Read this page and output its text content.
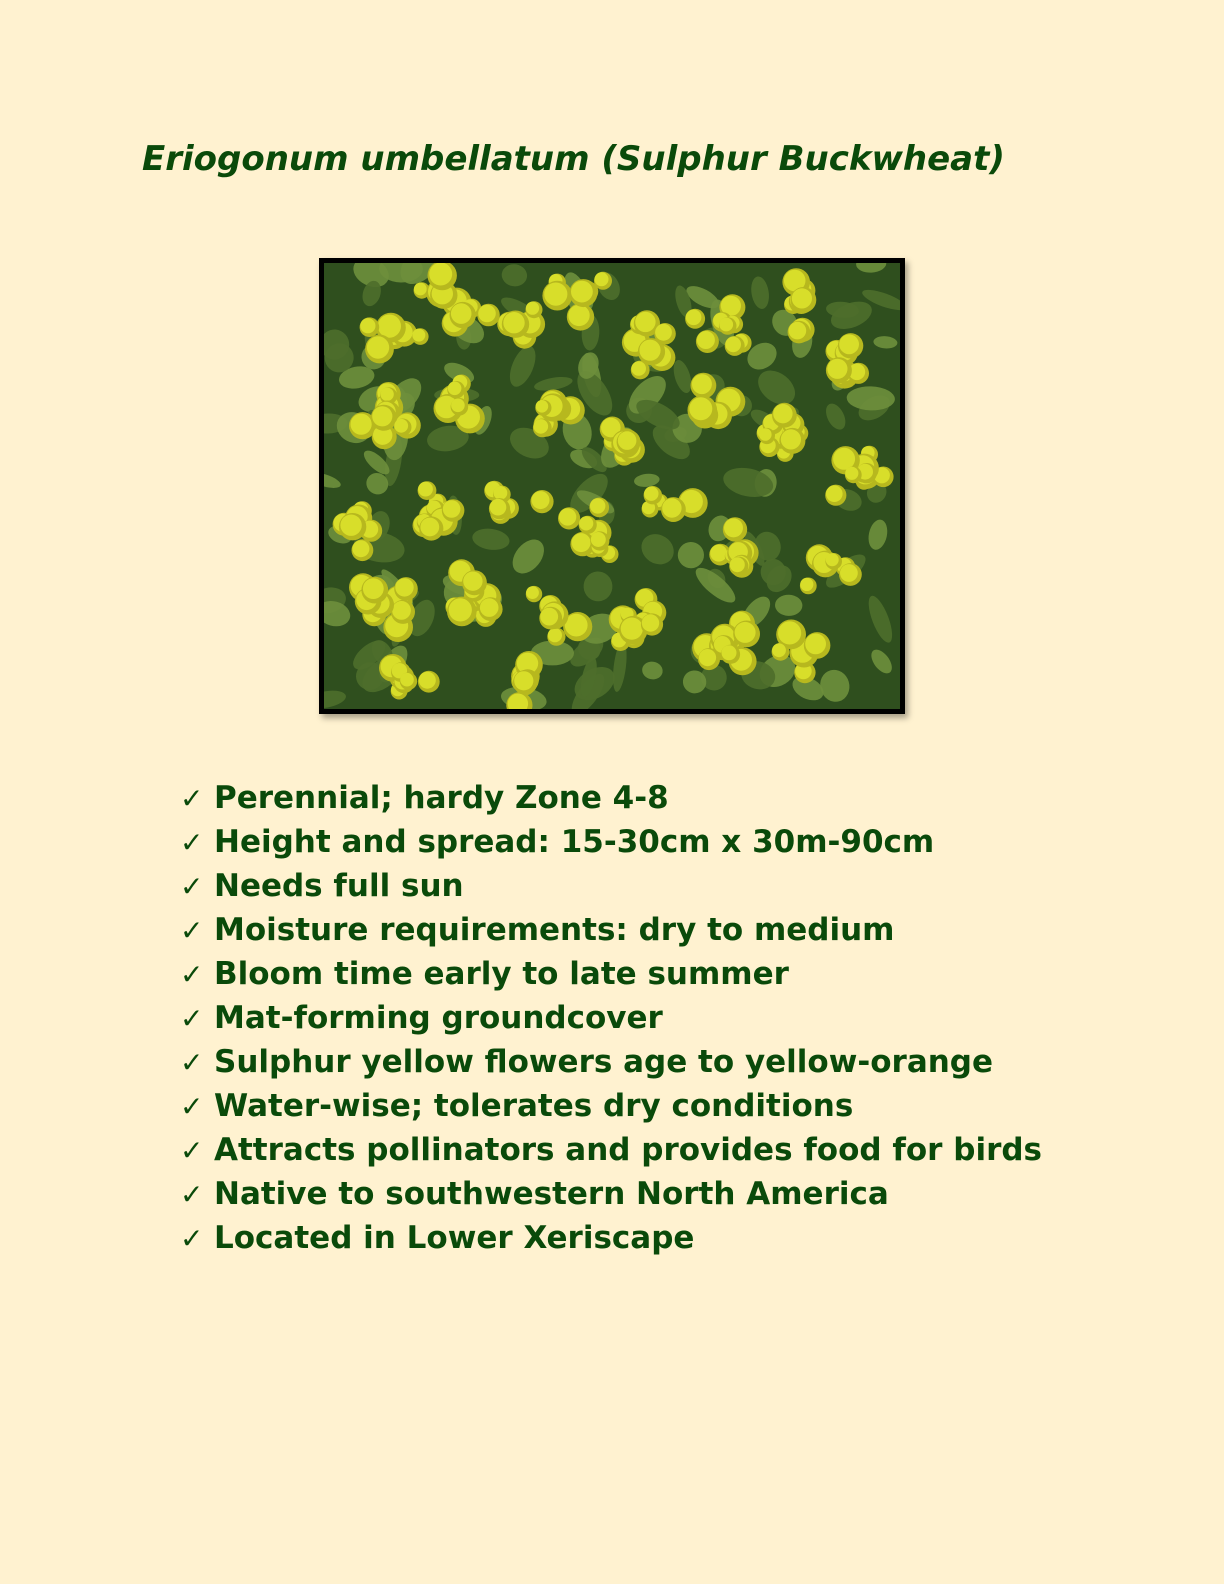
Eriogonum umbellatum (Sulphur Buckwheat)
✓ Perennial; hardy Zone 4-8
✓ Height and spread: 15-30cm x 30m-90cm
✓ Needs full sun
✓ Moisture requirements: dry to medium
✓ Bloom time early to late summer
✓ Mat-forming groundcover
✓ Sulphur yellow flowers age to yellow-orange
✓ Water-wise; tolerates dry conditions
✓ Attracts pollinators and provides food for birds
✓ Native to southwestern North America
✓ Located in Lower Xeriscape
